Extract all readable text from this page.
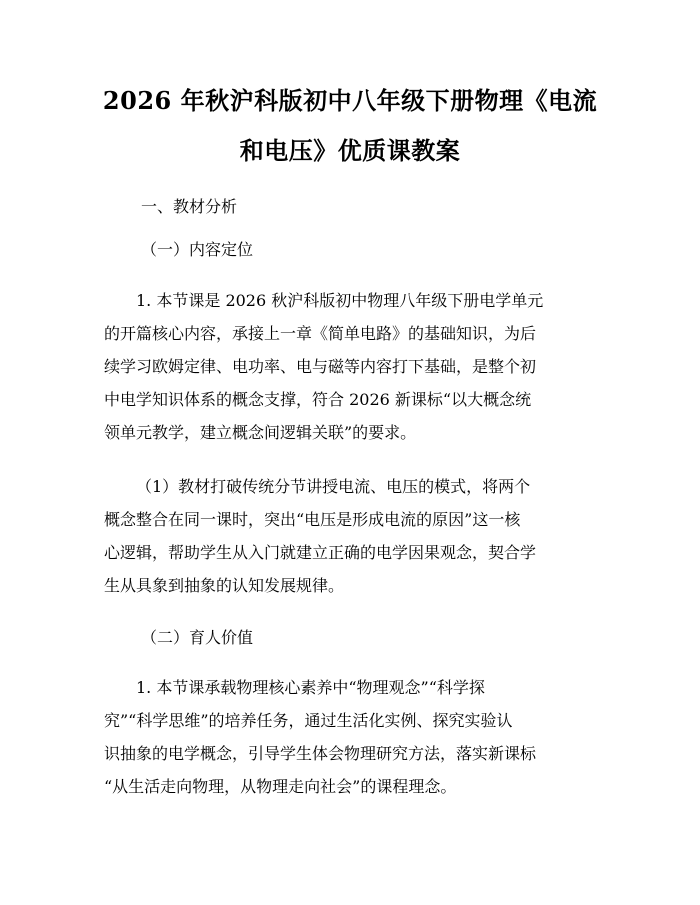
2026 年秋沪科版初中八年级下册物理《电流
和电压》优质课教案
一、教材分析
（一）内容定位
1. 本节课是 2026 秋沪科版初中物理八年级下册电学单元
的开篇核心内容，承接上一章《简单电路》的基础知识，为后
续学习欧姆定律、电功率、电与磁等内容打下基础，是整个初
中电学知识体系的概念支撑，符合 2026 新课标“以大概念统
领单元教学，建立概念间逻辑关联”的要求。
（1）教材打破传统分节讲授电流、电压的模式，将两个
概念整合在同一课时，突出“电压是形成电流的原因”这一核
心逻辑，帮助学生从入门就建立正确的电学因果观念，契合学
生从具象到抽象的认知发展规律。
（二）育人价值
1. 本节课承载物理核心素养中“物理观念”“科学探
究”“科学思维”的培养任务，通过生活化实例、探究实验认
识抽象的电学概念，引导学生体会物理研究方法，落实新课标
“从生活走向物理，从物理走向社会”的课程理念。
